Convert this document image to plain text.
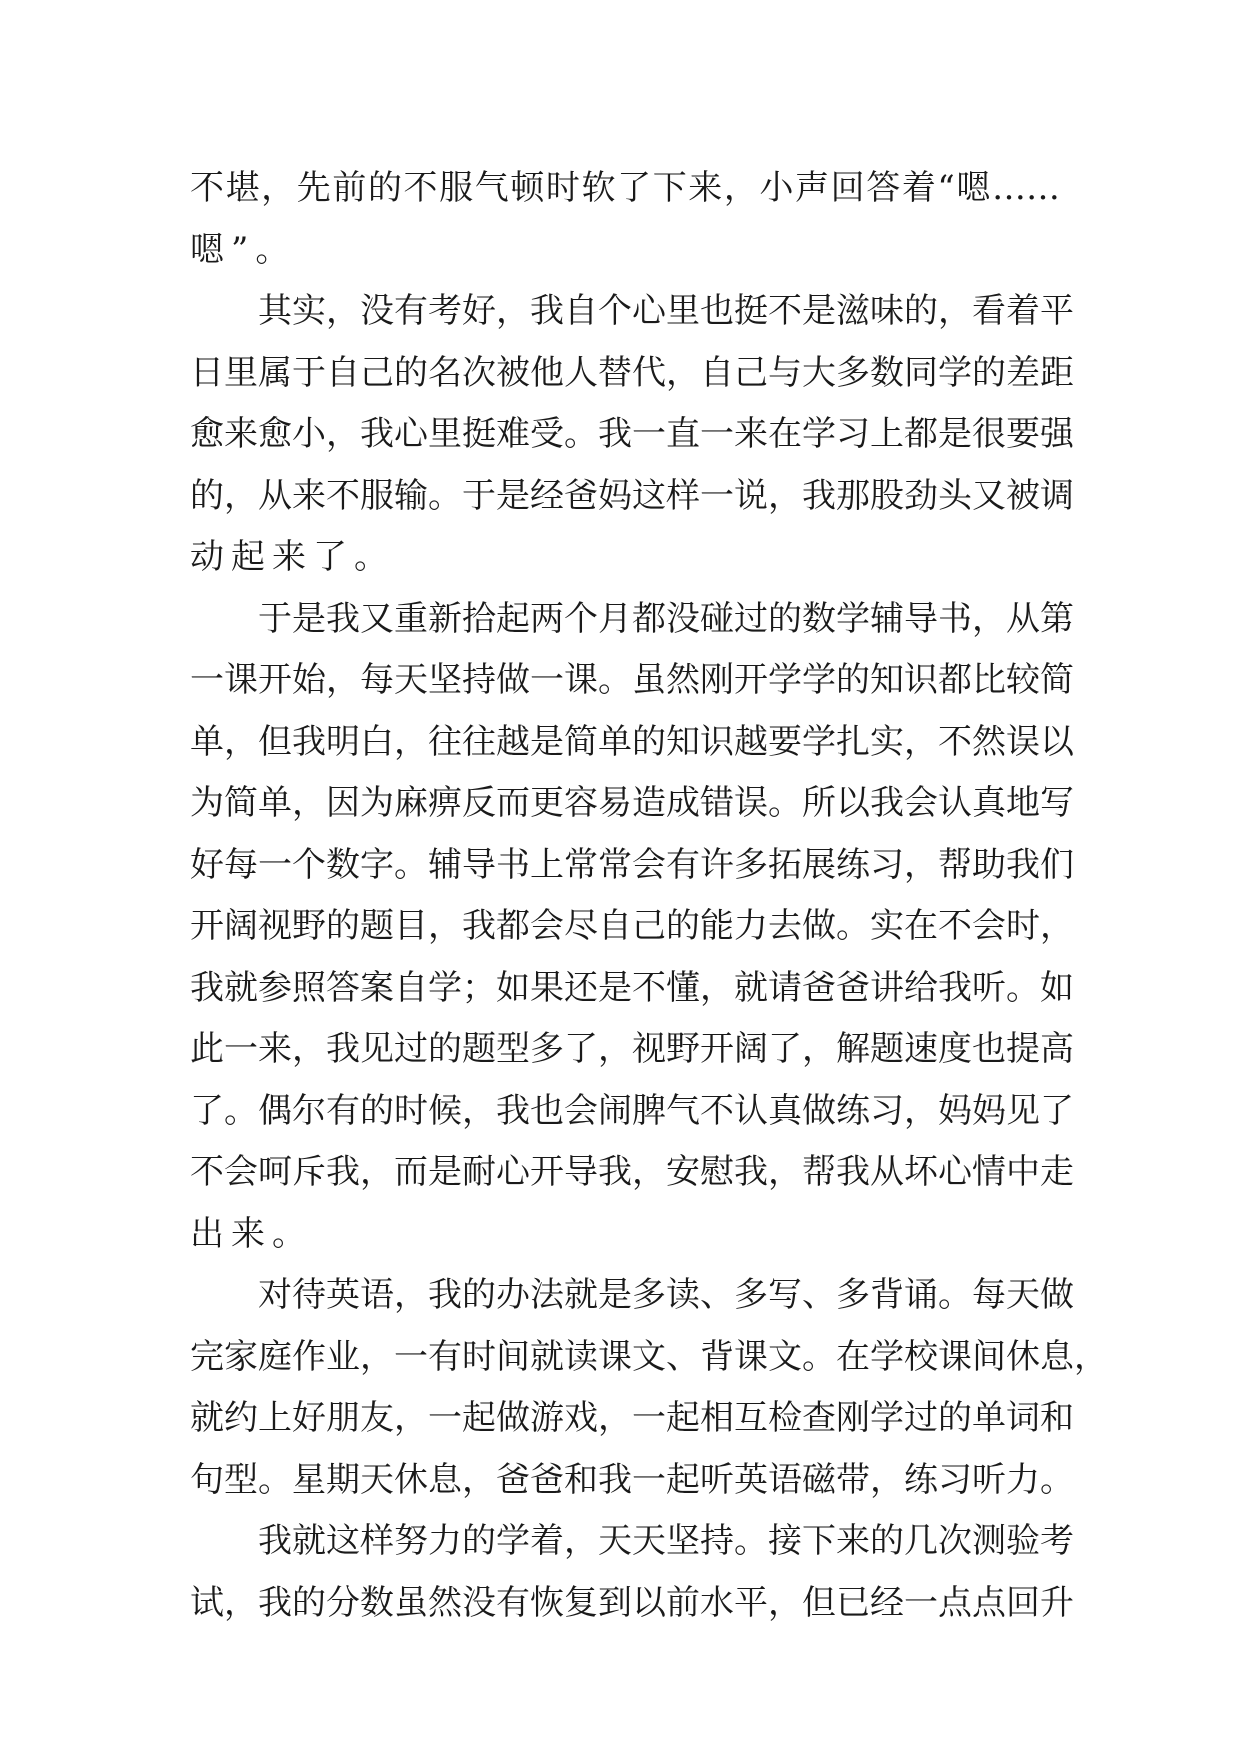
不堪，先前的不服气顿时软了下来，小声回答着“嗯……
嗯”。
其实，没有考好，我自个心里也挺不是滋味的，看着平
日里属于自己的名次被他人替代，自己与大多数同学的差距
愈来愈小，我心里挺难受。我一直一来在学习上都是很要强
的，从来不服输。于是经爸妈这样一说，我那股劲头又被调
动起来了。
于是我又重新拾起两个月都没碰过的数学辅导书，从第
一课开始，每天坚持做一课。虽然刚开学学的知识都比较简
单，但我明白，往往越是简单的知识越要学扎实，不然误以
为简单，因为麻痹反而更容易造成错误。所以我会认真地写
好每一个数字。辅导书上常常会有许多拓展练习，帮助我们
开阔视野的题目，我都会尽自己的能力去做。实在不会时，
我就参照答案自学；如果还是不懂，就请爸爸讲给我听。如
此一来，我见过的题型多了，视野开阔了，解题速度也提高
了。偶尔有的时候，我也会闹脾气不认真做练习，妈妈见了
不会呵斥我，而是耐心开导我，安慰我，帮我从坏心情中走
出来。
对待英语，我的办法就是多读、多写、多背诵。每天做
完家庭作业，一有时间就读课文、背课文。在学校课间休息，
就约上好朋友，一起做游戏，一起相互检查刚学过的单词和
句型。星期天休息，爸爸和我一起听英语磁带，练习听力。
我就这样努力的学着，天天坚持。接下来的几次测验考
试，我的分数虽然没有恢复到以前水平，但已经一点点回升
